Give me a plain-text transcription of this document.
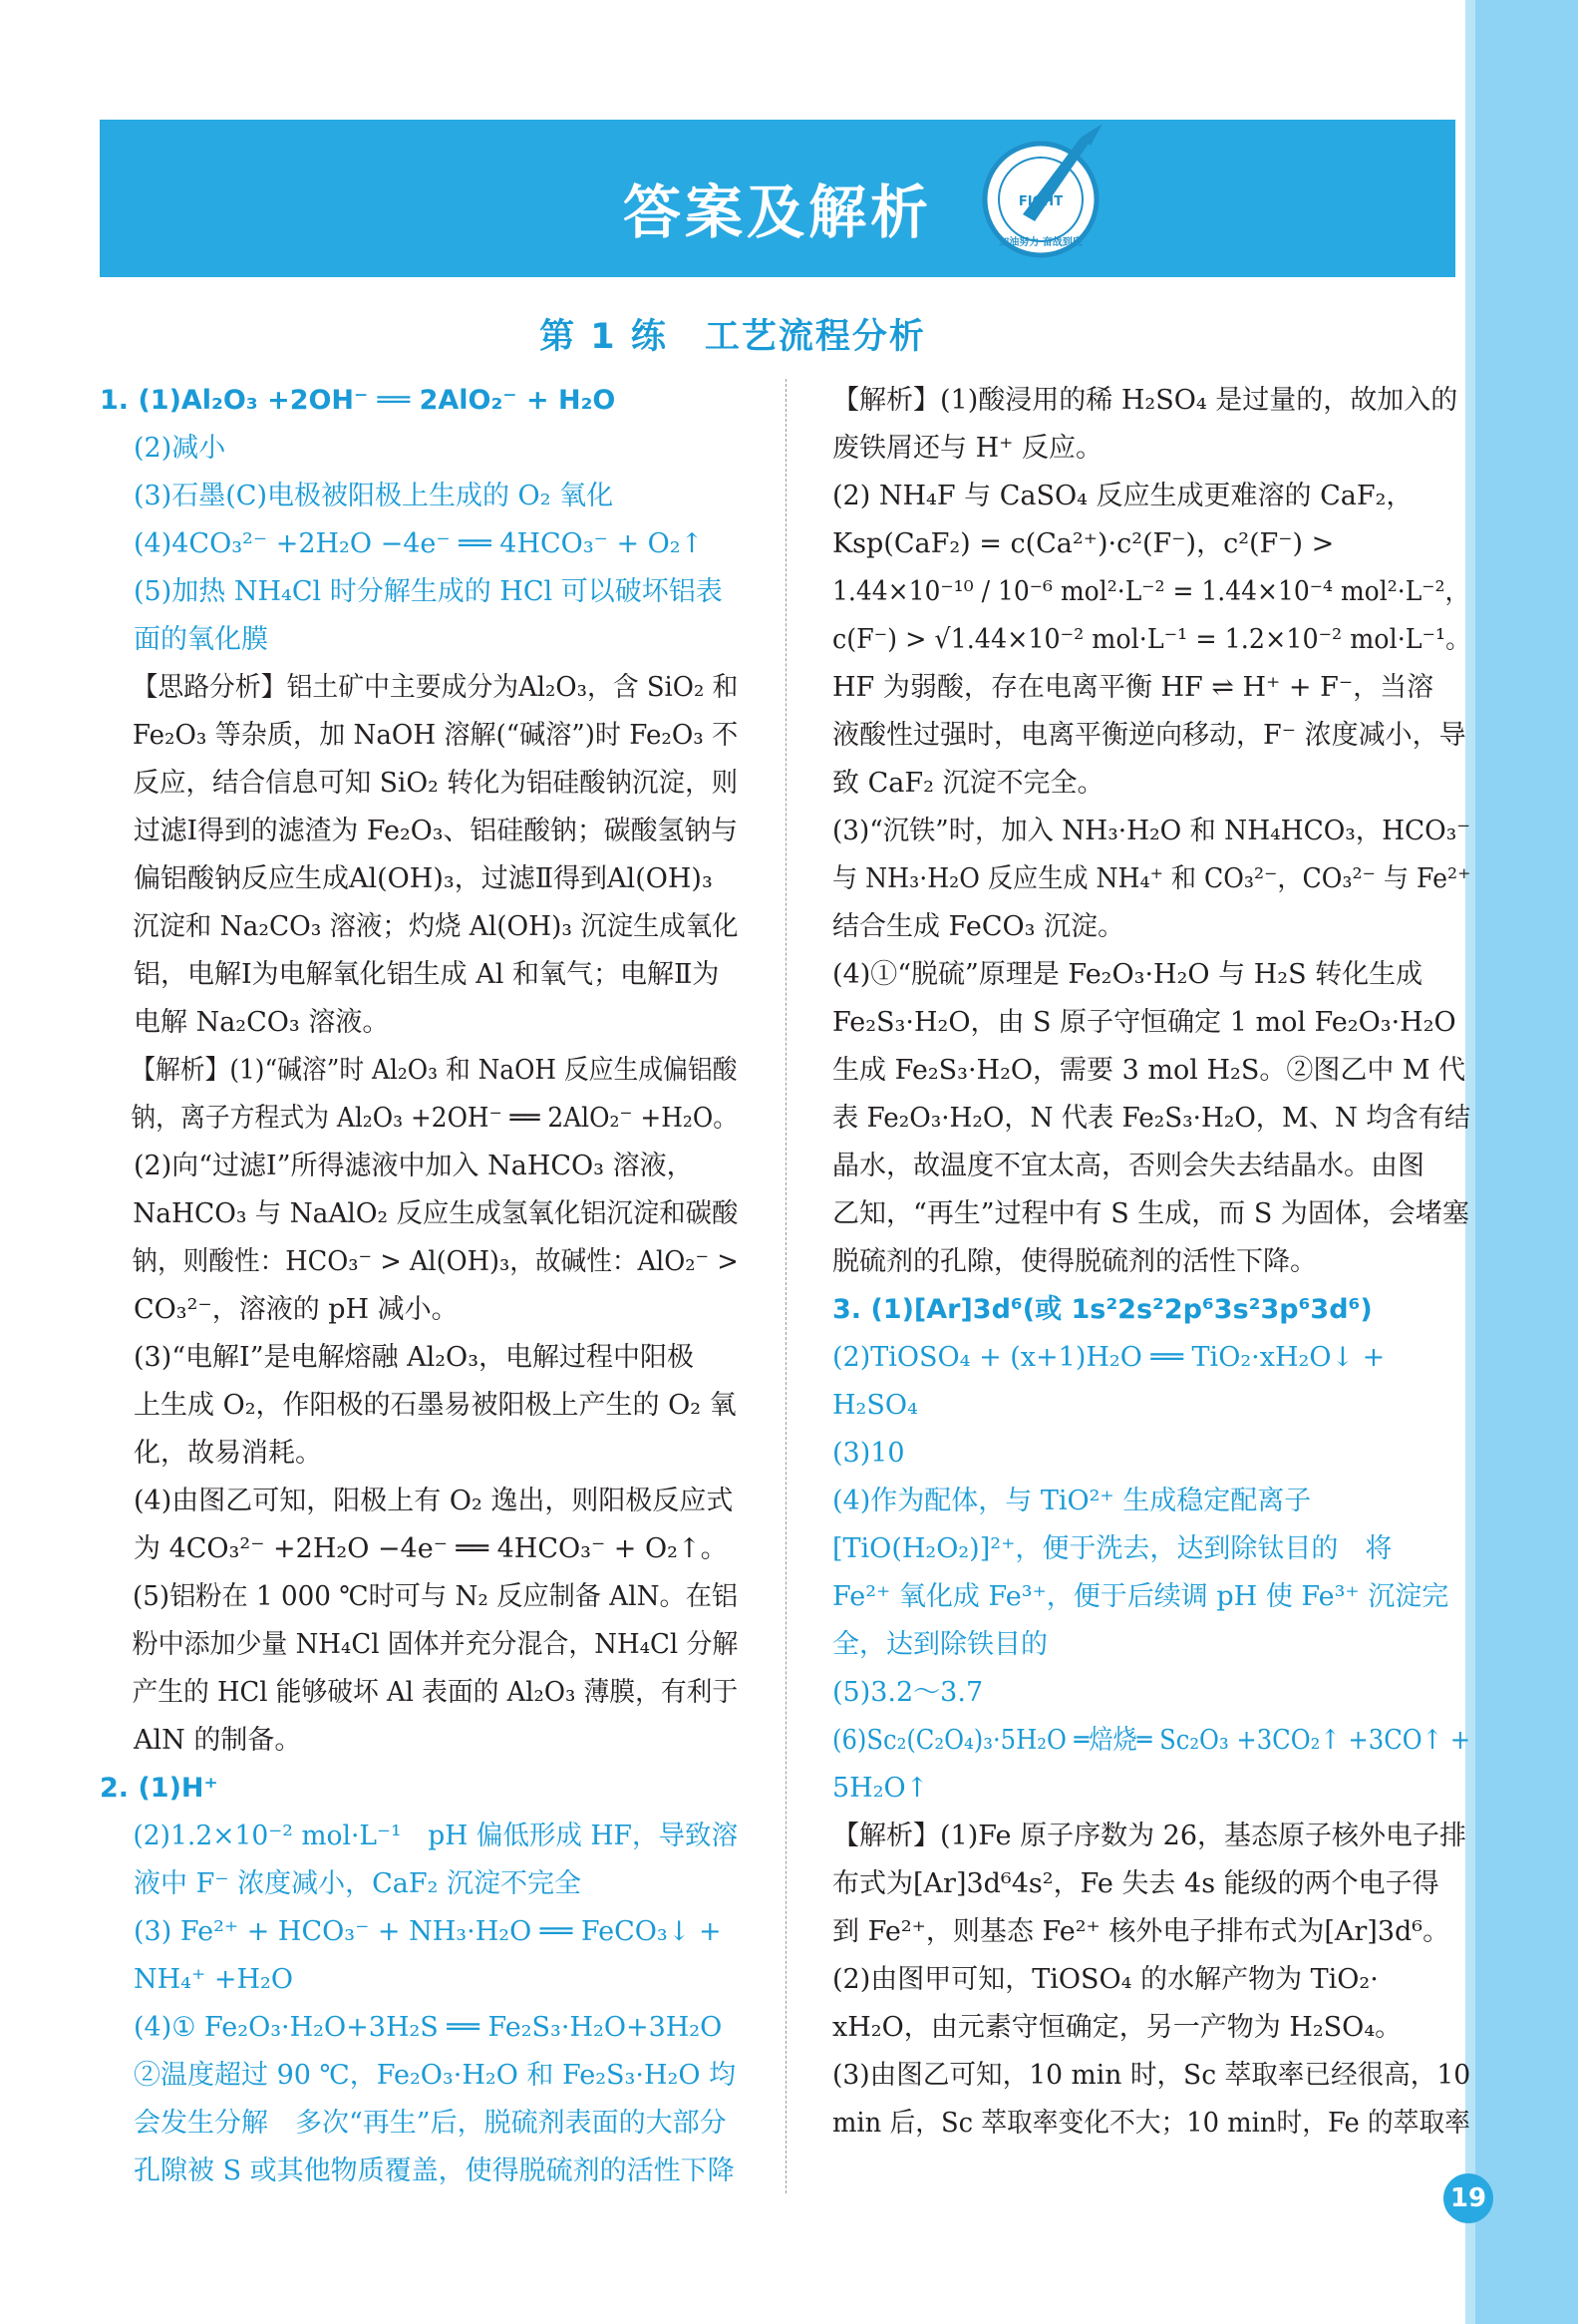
答案及解析	FIGHT
加油努力 奋战到底
第 1 练　工艺流程分析
1. (1)Al₂O₃ +2OH⁻ ══ 2AlO₂⁻ + H₂O
(2)减小
(3)石墨(C)电极被阳极上生成的 O₂ 氧化
(4)4CO₃²⁻ +2H₂O −4e⁻ ══ 4HCO₃⁻ + O₂↑
(5)加热 NH₄Cl 时分解生成的 HCl 可以破坏铝表
面的氧化膜
【思路分析】铝土矿中主要成分为Al₂O₃，含 SiO₂ 和
Fe₂O₃ 等杂质，加 NaOH 溶解(“碱溶”)时 Fe₂O₃ 不
反应，结合信息可知 SiO₂ 转化为铝硅酸钠沉淀，则
过滤Ⅰ得到的滤渣为 Fe₂O₃、铝硅酸钠；碳酸氢钠与
偏铝酸钠反应生成Al(OH)₃，过滤Ⅱ得到Al(OH)₃
沉淀和 Na₂CO₃ 溶液；灼烧 Al(OH)₃ 沉淀生成氧化
铝，电解Ⅰ为电解氧化铝生成 Al 和氧气；电解Ⅱ为
电解 Na₂CO₃ 溶液。
【解析】(1)“碱溶”时 Al₂O₃ 和 NaOH 反应生成偏铝酸
钠，离子方程式为 Al₂O₃ +2OH⁻ ══ 2AlO₂⁻ +H₂O。
(2)向“过滤Ⅰ”所得滤液中加入 NaHCO₃ 溶液，
NaHCO₃ 与 NaAlO₂ 反应生成氢氧化铝沉淀和碳酸
钠，则酸性：HCO₃⁻ > Al(OH)₃，故碱性：AlO₂⁻ >
CO₃²⁻，溶液的 pH 减小。
(3)“电解Ⅰ”是电解熔融 Al₂O₃，电解过程中阳极
上生成 O₂，作阳极的石墨易被阳极上产生的 O₂ 氧
化，故易消耗。
(4)由图乙可知，阳极上有 O₂ 逸出，则阳极反应式
为 4CO₃²⁻ +2H₂O −4e⁻ ══ 4HCO₃⁻ + O₂↑。
(5)铝粉在 1 000 ℃时可与 N₂ 反应制备 AlN。在铝
粉中添加少量 NH₄Cl 固体并充分混合，NH₄Cl 分解
产生的 HCl 能够破坏 Al 表面的 Al₂O₃ 薄膜，有利于
AlN 的制备。
2. (1)H⁺
(2)1.2×10⁻² mol·L⁻¹　pH 偏低形成 HF，导致溶
液中 F⁻ 浓度减小，CaF₂ 沉淀不完全
(3) Fe²⁺ + HCO₃⁻ + NH₃·H₂O ══ FeCO₃↓ +
NH₄⁺ +H₂O
(4)① Fe₂O₃·H₂O+3H₂S ══ Fe₂S₃·H₂O+3H₂O
②温度超过 90 ℃，Fe₂O₃·H₂O 和 Fe₂S₃·H₂O 均
会发生分解　多次“再生”后，脱硫剂表面的大部分
孔隙被 S 或其他物质覆盖，使得脱硫剂的活性下降
【解析】(1)酸浸用的稀 H₂SO₄ 是过量的，故加入的
废铁屑还与 H⁺ 反应。
(2) NH₄F 与 CaSO₄ 反应生成更难溶的 CaF₂，
Ksp(CaF₂) = c(Ca²⁺)·c²(F⁻)，c²(F⁻) >
1.44×10⁻¹⁰ / 10⁻⁶ mol²·L⁻² = 1.44×10⁻⁴ mol²·L⁻²，
c(F⁻) > √1.44×10⁻² mol·L⁻¹ = 1.2×10⁻² mol·L⁻¹。
HF 为弱酸，存在电离平衡 HF ⇌ H⁺ + F⁻，当溶
液酸性过强时，电离平衡逆向移动，F⁻ 浓度减小，导
致 CaF₂ 沉淀不完全。
(3)“沉铁”时，加入 NH₃·H₂O 和 NH₄HCO₃，HCO₃⁻
与 NH₃·H₂O 反应生成 NH₄⁺ 和 CO₃²⁻，CO₃²⁻ 与 Fe²⁺
结合生成 FeCO₃ 沉淀。
(4)①“脱硫”原理是 Fe₂O₃·H₂O 与 H₂S 转化生成
Fe₂S₃·H₂O，由 S 原子守恒确定 1 mol Fe₂O₃·H₂O
生成 Fe₂S₃·H₂O，需要 3 mol H₂S。②图乙中 M 代
表 Fe₂O₃·H₂O，N 代表 Fe₂S₃·H₂O，M、N 均含有结
晶水，故温度不宜太高，否则会失去结晶水。由图
乙知，“再生”过程中有 S 生成，而 S 为固体，会堵塞
脱硫剂的孔隙，使得脱硫剂的活性下降。
3. (1)[Ar]3d⁶(或 1s²2s²2p⁶3s²3p⁶3d⁶)
(2)TiOSO₄ + (x+1)H₂O ══ TiO₂·xH₂O↓ +
H₂SO₄
(3)10
(4)作为配体，与 TiO²⁺ 生成稳定配离子
[TiO(H₂O₂)]²⁺，便于洗去，达到除钛目的　将
Fe²⁺ 氧化成 Fe³⁺，便于后续调 pH 使 Fe³⁺ 沉淀完
全，达到除铁目的
(5)3.2～3.7
(6)Sc₂(C₂O₄)₃·5H₂O ═焙烧═ Sc₂O₃ +3CO₂↑ +3CO↑ +
5H₂O↑
【解析】(1)Fe 原子序数为 26，基态原子核外电子排
布式为[Ar]3d⁶4s²，Fe 失去 4s 能级的两个电子得
到 Fe²⁺，则基态 Fe²⁺ 核外电子排布式为[Ar]3d⁶。
(2)由图甲可知，TiOSO₄ 的水解产物为 TiO₂·
xH₂O，由元素守恒确定，另一产物为 H₂SO₄。
(3)由图乙可知，10 min 时，Sc 萃取率已经很高，10
min 后，Sc 萃取率变化不大；10 min时，Fe 的萃取率
19
